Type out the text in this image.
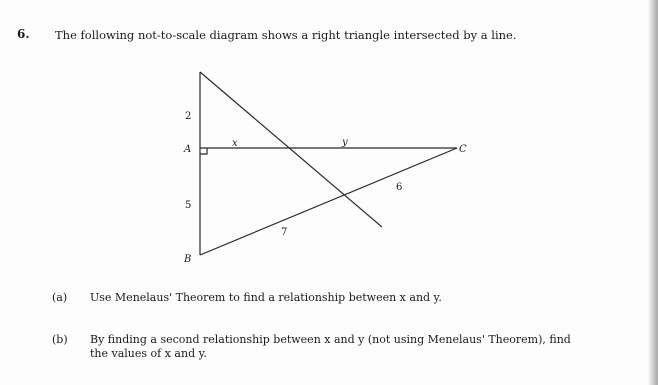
6. The following not-to-scale diagram shows a right triangle intersected by a line.
2
A
x	y
C
6
5
7
B
(a) Use Menelaus' Theorem to find a relationship between x and y.
(b) By finding a second relationship between x and y (not using Menelaus' Theorem), find
the values of x and y.
